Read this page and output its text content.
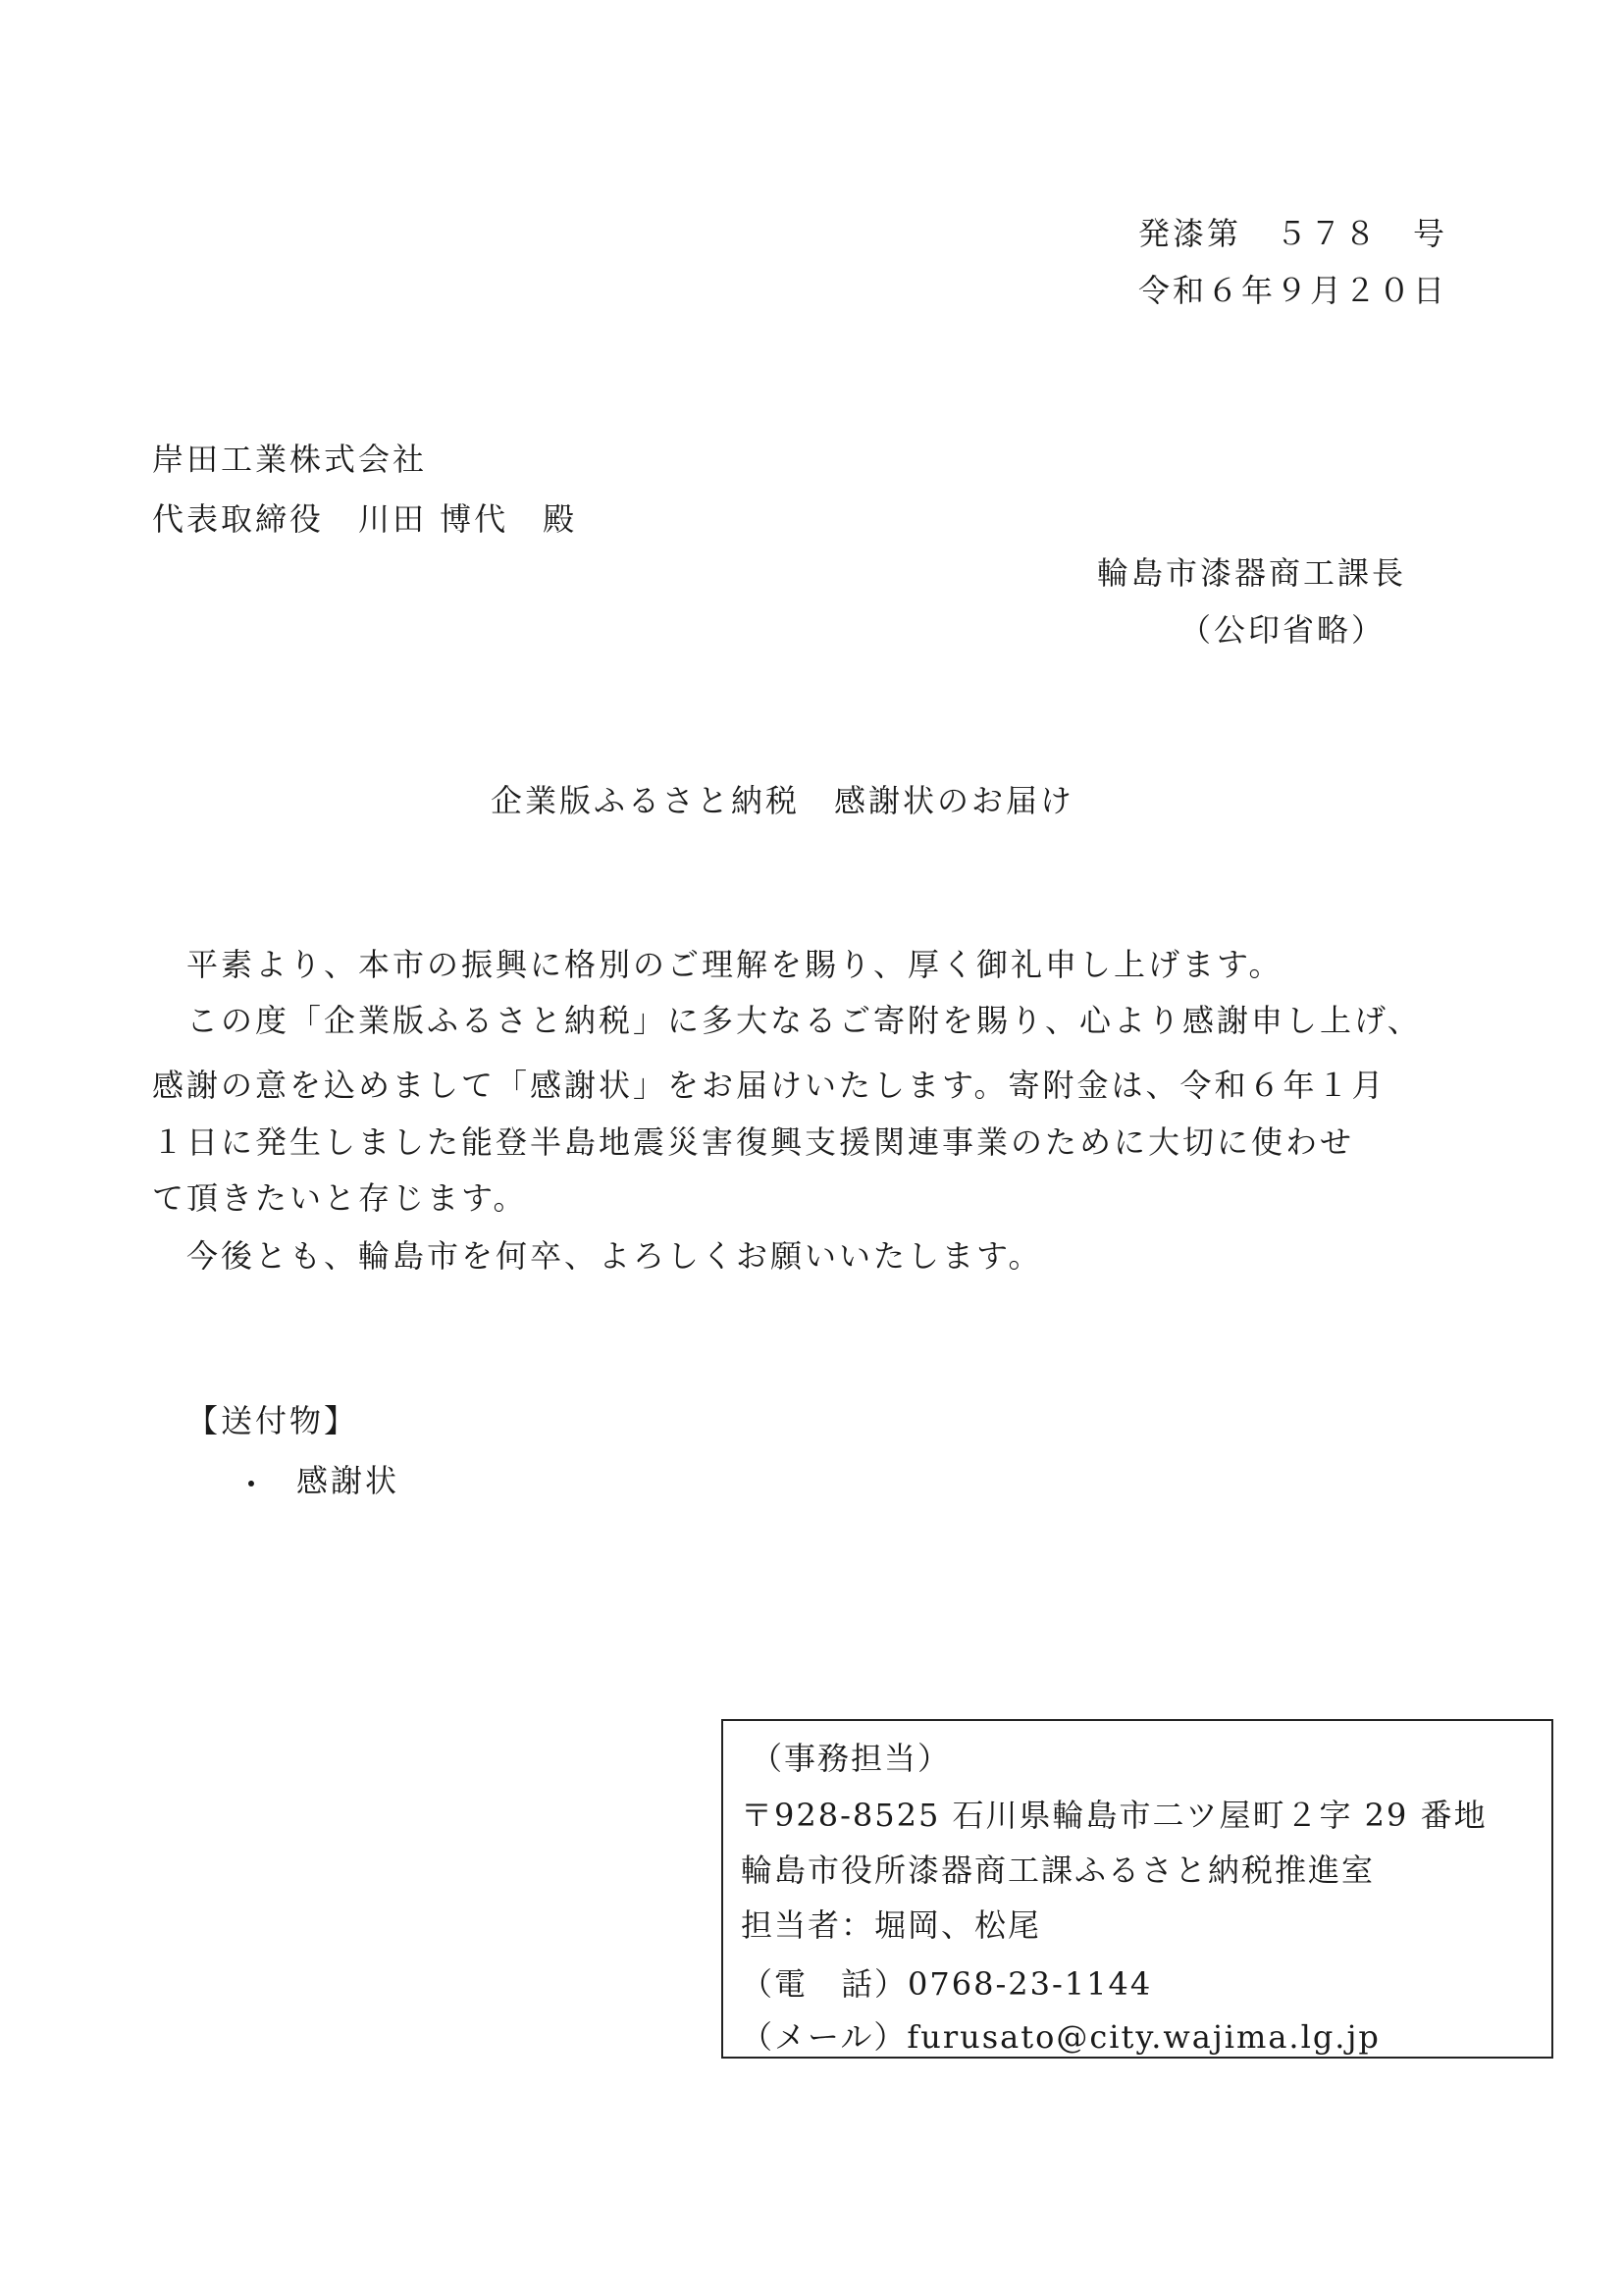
発漆第　５７８　号
令和６年９月２０日
岸田工業株式会社
代表取締役　川田 博代　殿
輪島市漆器商工課長
（公印省略）
企業版ふるさと納税　感謝状のお届け
　平素より、本市の振興に格別のご理解を賜り、厚く御礼申し上げます。
　この度「企業版ふるさと納税」に多大なるご寄附を賜り、心より感謝申し上げ、
感謝の意を込めまして「感謝状」をお届けいたします。寄附金は、令和６年１月
１日に発生しました能登半島地震災害復興支援関連事業のために大切に使わせ
て頂きたいと存じます。
　今後とも、輪島市を何卒、よろしくお願いいたします。
【送付物】
・ 感謝状
（事務担当）
〒928-8525 石川県輪島市二ツ屋町２字 29 番地
輪島市役所漆器商工課ふるさと納税推進室
担当者：堀岡、松尾
（電　話）0768-23-1144
（メール）furusato@city.wajima.lg.jp
